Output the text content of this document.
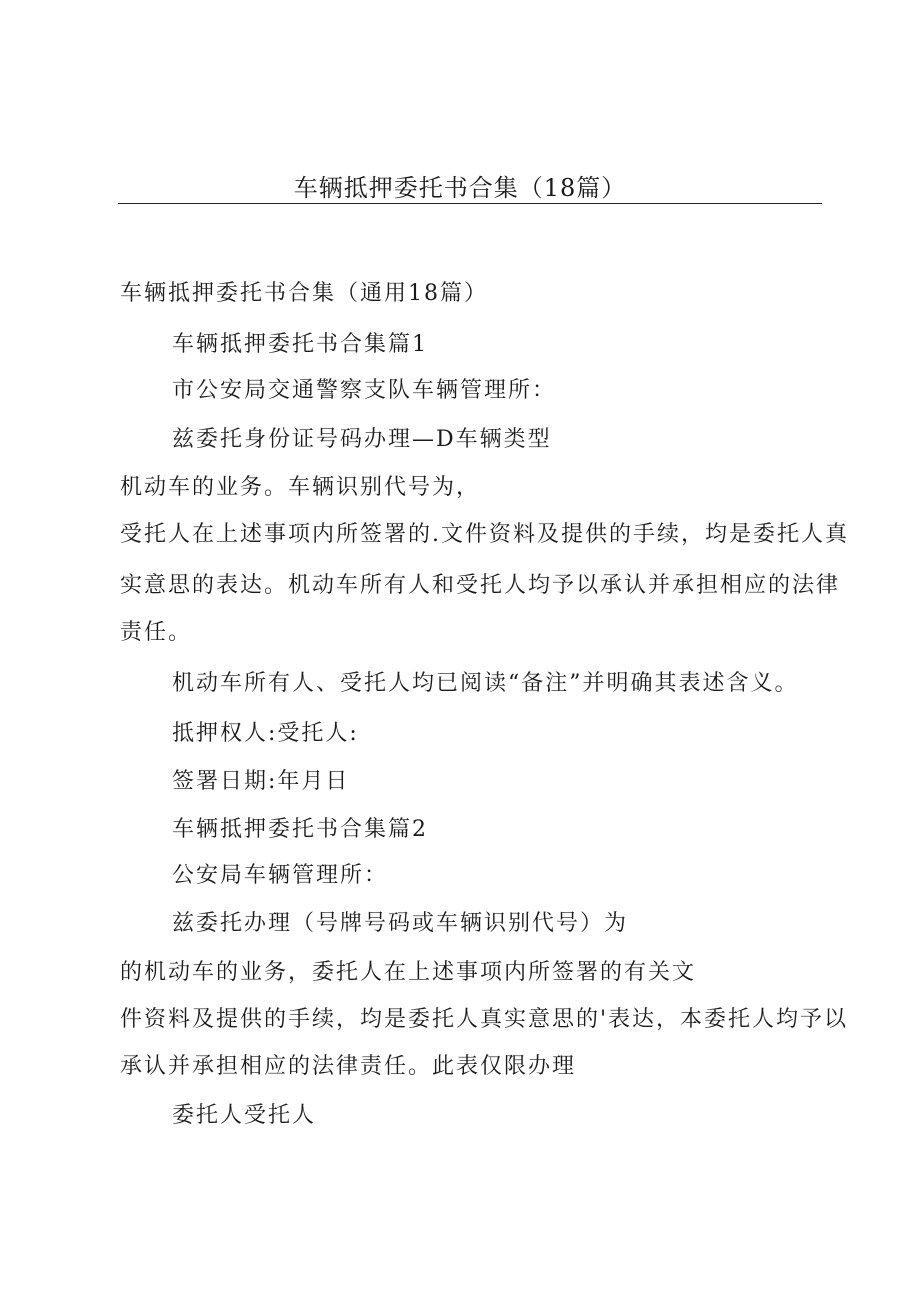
车辆抵押委托书合集（18篇）
车辆抵押委托书合集（通用18篇）
车辆抵押委托书合集篇1
市公安局交通警察支队车辆管理所：
兹委托身份证号码办理—D车辆类型
机动车的业务。车辆识别代号为，
受托人在上述事项内所签署的.文件资料及提供的手续，均是委托人真
实意思的表达。机动车所有人和受托人均予以承认并承担相应的法律
责任。
机动车所有人、受托人均已阅读“备注”并明确其表述含义。
抵押权人:受托人:
签署日期:年月日
车辆抵押委托书合集篇2
公安局车辆管理所：
兹委托办理（号牌号码或车辆识别代号）为
的机动车的业务，委托人在上述事项内所签署的有关文
件资料及提供的手续，均是委托人真实意思的'表达，本委托人均予以
承认并承担相应的法律责任。此表仅限办理
委托人受托人
